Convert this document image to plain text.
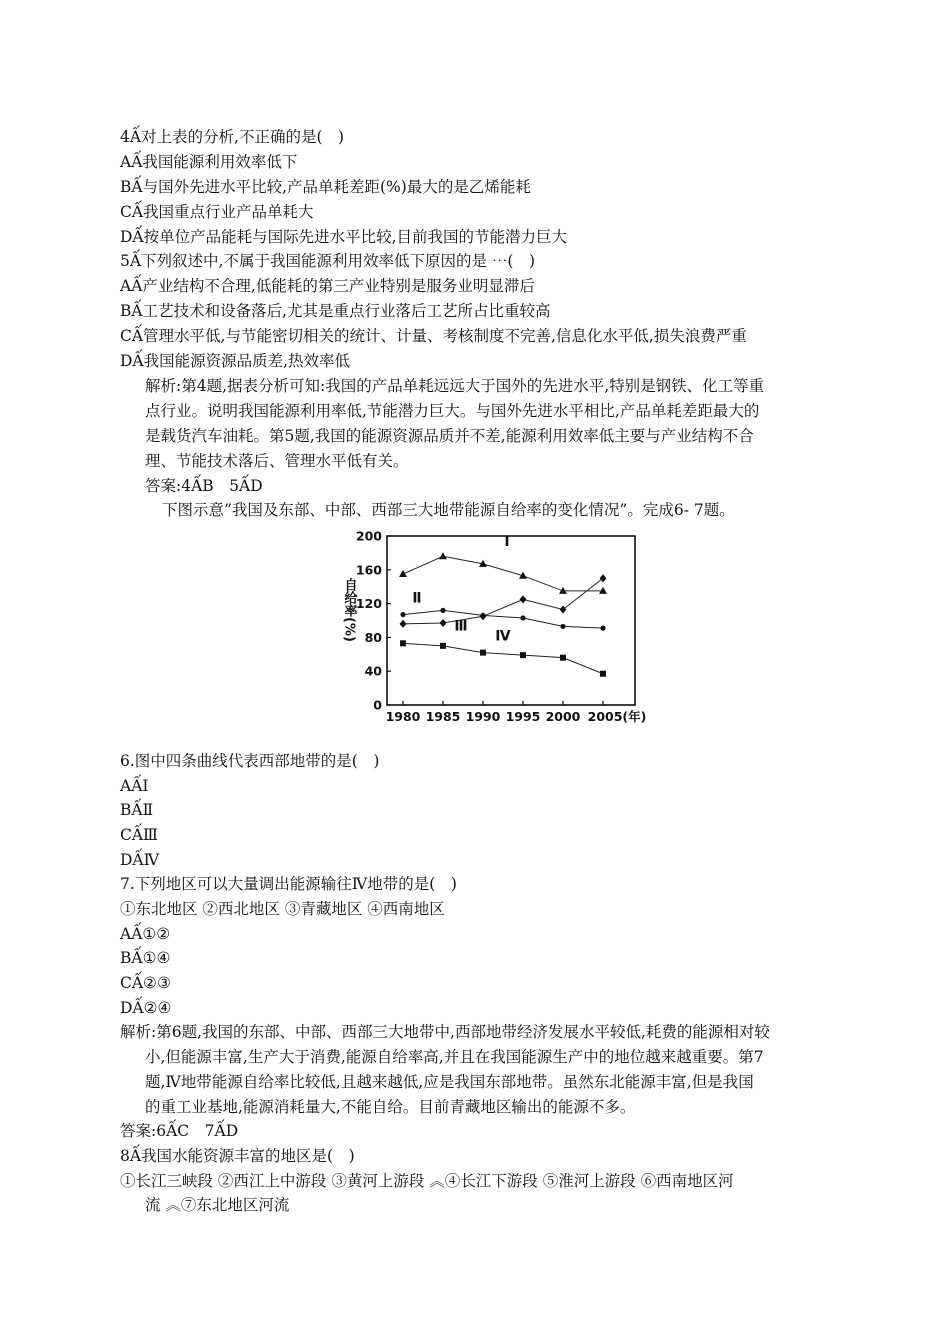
4Ấ对上表的分析,不正确的是(　)
AẤ我国能源利用效率低下
BẤ与国外先进水平比较,产品单耗差距(%)最大的是乙烯能耗
CẤ我国重点行业产品单耗大
DẤ按单位产品能耗与国际先进水平比较,目前我国的节能潜力巨大
5Ấ下列叙述中,不属于我国能源利用效率低下原因的是 ⋯(　)
AẤ产业结构不合理,低能耗的第三产业特别是服务业明显滞后
BẤ工艺技术和设备落后,尤其是重点行业落后工艺所占比重较高
CẤ管理水平低,与节能密切相关的统计、计量、考核制度不完善,信息化水平低,损失浪费严重
DẤ我国能源资源品质差,热效率低
解析:第4题,据表分析可知:我国的产品单耗远远大于国外的先进水平,特别是钢铁、化工等重
点行业。说明我国能源利用率低,节能潜力巨大。与国外先进水平相比,产品单耗差距最大的
是载货汽车油耗。第5题,我国的能源资源品质并不差,能源利用效率低主要与产业结构不合
理、节能技术落后、管理水平低有关。
答案:4ẤB　5ẤD
下图示意”我国及东部、中部、西部三大地带能源自给率的变化情况”。完成6- 7题。
0
40
80
120
160
200
1980 1985 1990 1995 2000 2005(年)
自给率(%)
Ⅰ
Ⅱ
Ⅲ
Ⅳ
6.图中四条曲线代表西部地带的是(　)
AẤⅠ
BẤⅡ
CẤⅢ
DẤⅣ
7.下列地区可以大量调出能源输往Ⅳ地带的是(　)
①东北地区 ②西北地区 ③青藏地区 ④西南地区
AẤ①②
BẤ①④
CẤ②③
DẤ②④
解析:第6题,我国的东部、中部、西部三大地带中,西部地带经济发展水平较低,耗费的能源相对较
小,但能源丰富,生产大于消费,能源自给率高,并且在我国能源生产中的地位越来越重要。第7
题,Ⅳ地带能源自给率比较低,且越来越低,应是我国东部地带。虽然东北能源丰富,但是我国
的重工业基地,能源消耗量大,不能自给。目前青藏地区输出的能源不多。
答案:6ẤC　7ẤD
8Ấ我国水能资源丰富的地区是(　)
①长江三峡段 ②西江上中游段 ③黄河上游段 ︽④长江下游段 ⑤淮河上游段 ⑥西南地区河
流 ︽⑦东北地区河流
